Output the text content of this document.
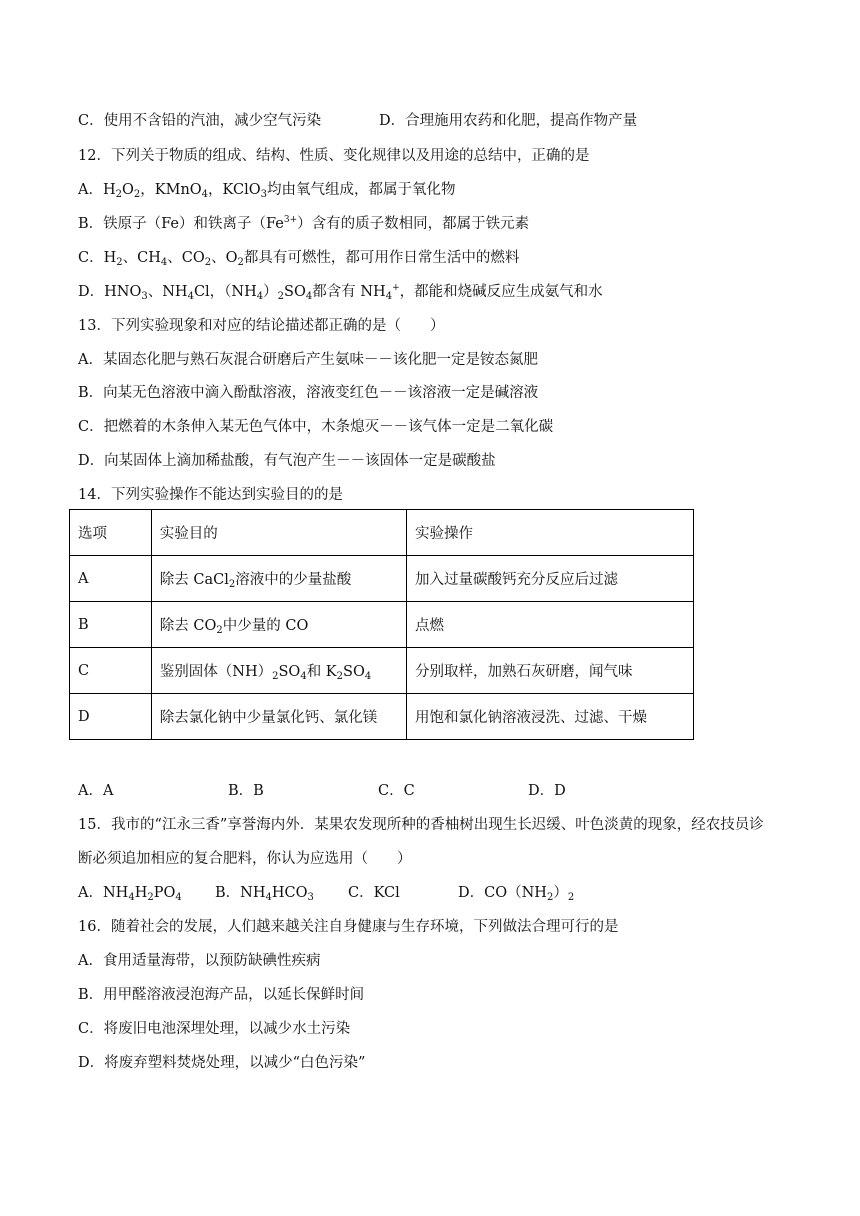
C．使用不含铅的汽油，减少空气污染	D．合理施用农药和化肥，提高作物产量
12．下列关于物质的组成、结构、性质、变化规律以及用途的总结中，正确的是
A．$H_2O_2$，KMnO$_4$，KClO$_3$均由氧气组成，都属于氧化物
B．铁原子（Fe）和铁离子$(Fe^{3+})$含有的质子数相同，都属于铁元素
C．$H_2$、$CH_4$、$CO_2$、$O_2$都具有可燃性，都可用作日常生活中的燃料
D．$HNO_3$、$NH_4Cl$，$(NH_4)_2SO_4$都含有 $NH_4^+$，都能和烧碱反应生成氨气和水
13．下列实验现象和对应的结论描述都正确的是（　　）
A．某固态化肥与熟石灰混合研磨后产生氨味－－该化肥一定是铵态氮肥
B．向某无色溶液中滴入酚酞溶液，溶液变红色－－该溶液一定是碱溶液
C．把燃着的木条伸入某无色气体中，木条熄灭－－该气体一定是二氧化碳
D．向某固体上滴加稀盐酸，有气泡产生－－该固体一定是碳酸盐
14．下列实验操作不能达到实验目的的是
选项	实验目的	实验操作
A	除去 CaCl$_2$溶液中的少量盐酸	加入过量碳酸钙充分反应后过滤
B	除去 $CO_2$中少量的 CO	点燃
C	鉴别固体$(NH)_2SO_4$和 $K_2SO_4$	分别取样，加熟石灰研磨，闻气味
D	除去氯化钠中少量氯化钙、氯化镁	用饱和氯化钠溶液浸洗、过滤、干燥
A．A	B．B	C．C	D．D
15．我市的“江永三香”享誉海内外．某果农发现所种的香柚树出现生长迟缓、叶色淡黄的现象，经农技员诊
断必须追加相应的复合肥料，你认为应选用（　　）
A．$NH_4H_2PO_4$ B．$NH_4HCO_3$ C．KCl	D．$CO(NH_2)_2$
16．随着社会的发展，人们越来越关注自身健康与生存环境，下列做法合理可行的是
A．食用适量海带，以预防缺碘性疾病
B．用甲醛溶液浸泡海产品，以延长保鲜时间
C．将废旧电池深埋处理，以减少水土污染
D．将废弃塑料焚烧处理，以减少“白色污染”
